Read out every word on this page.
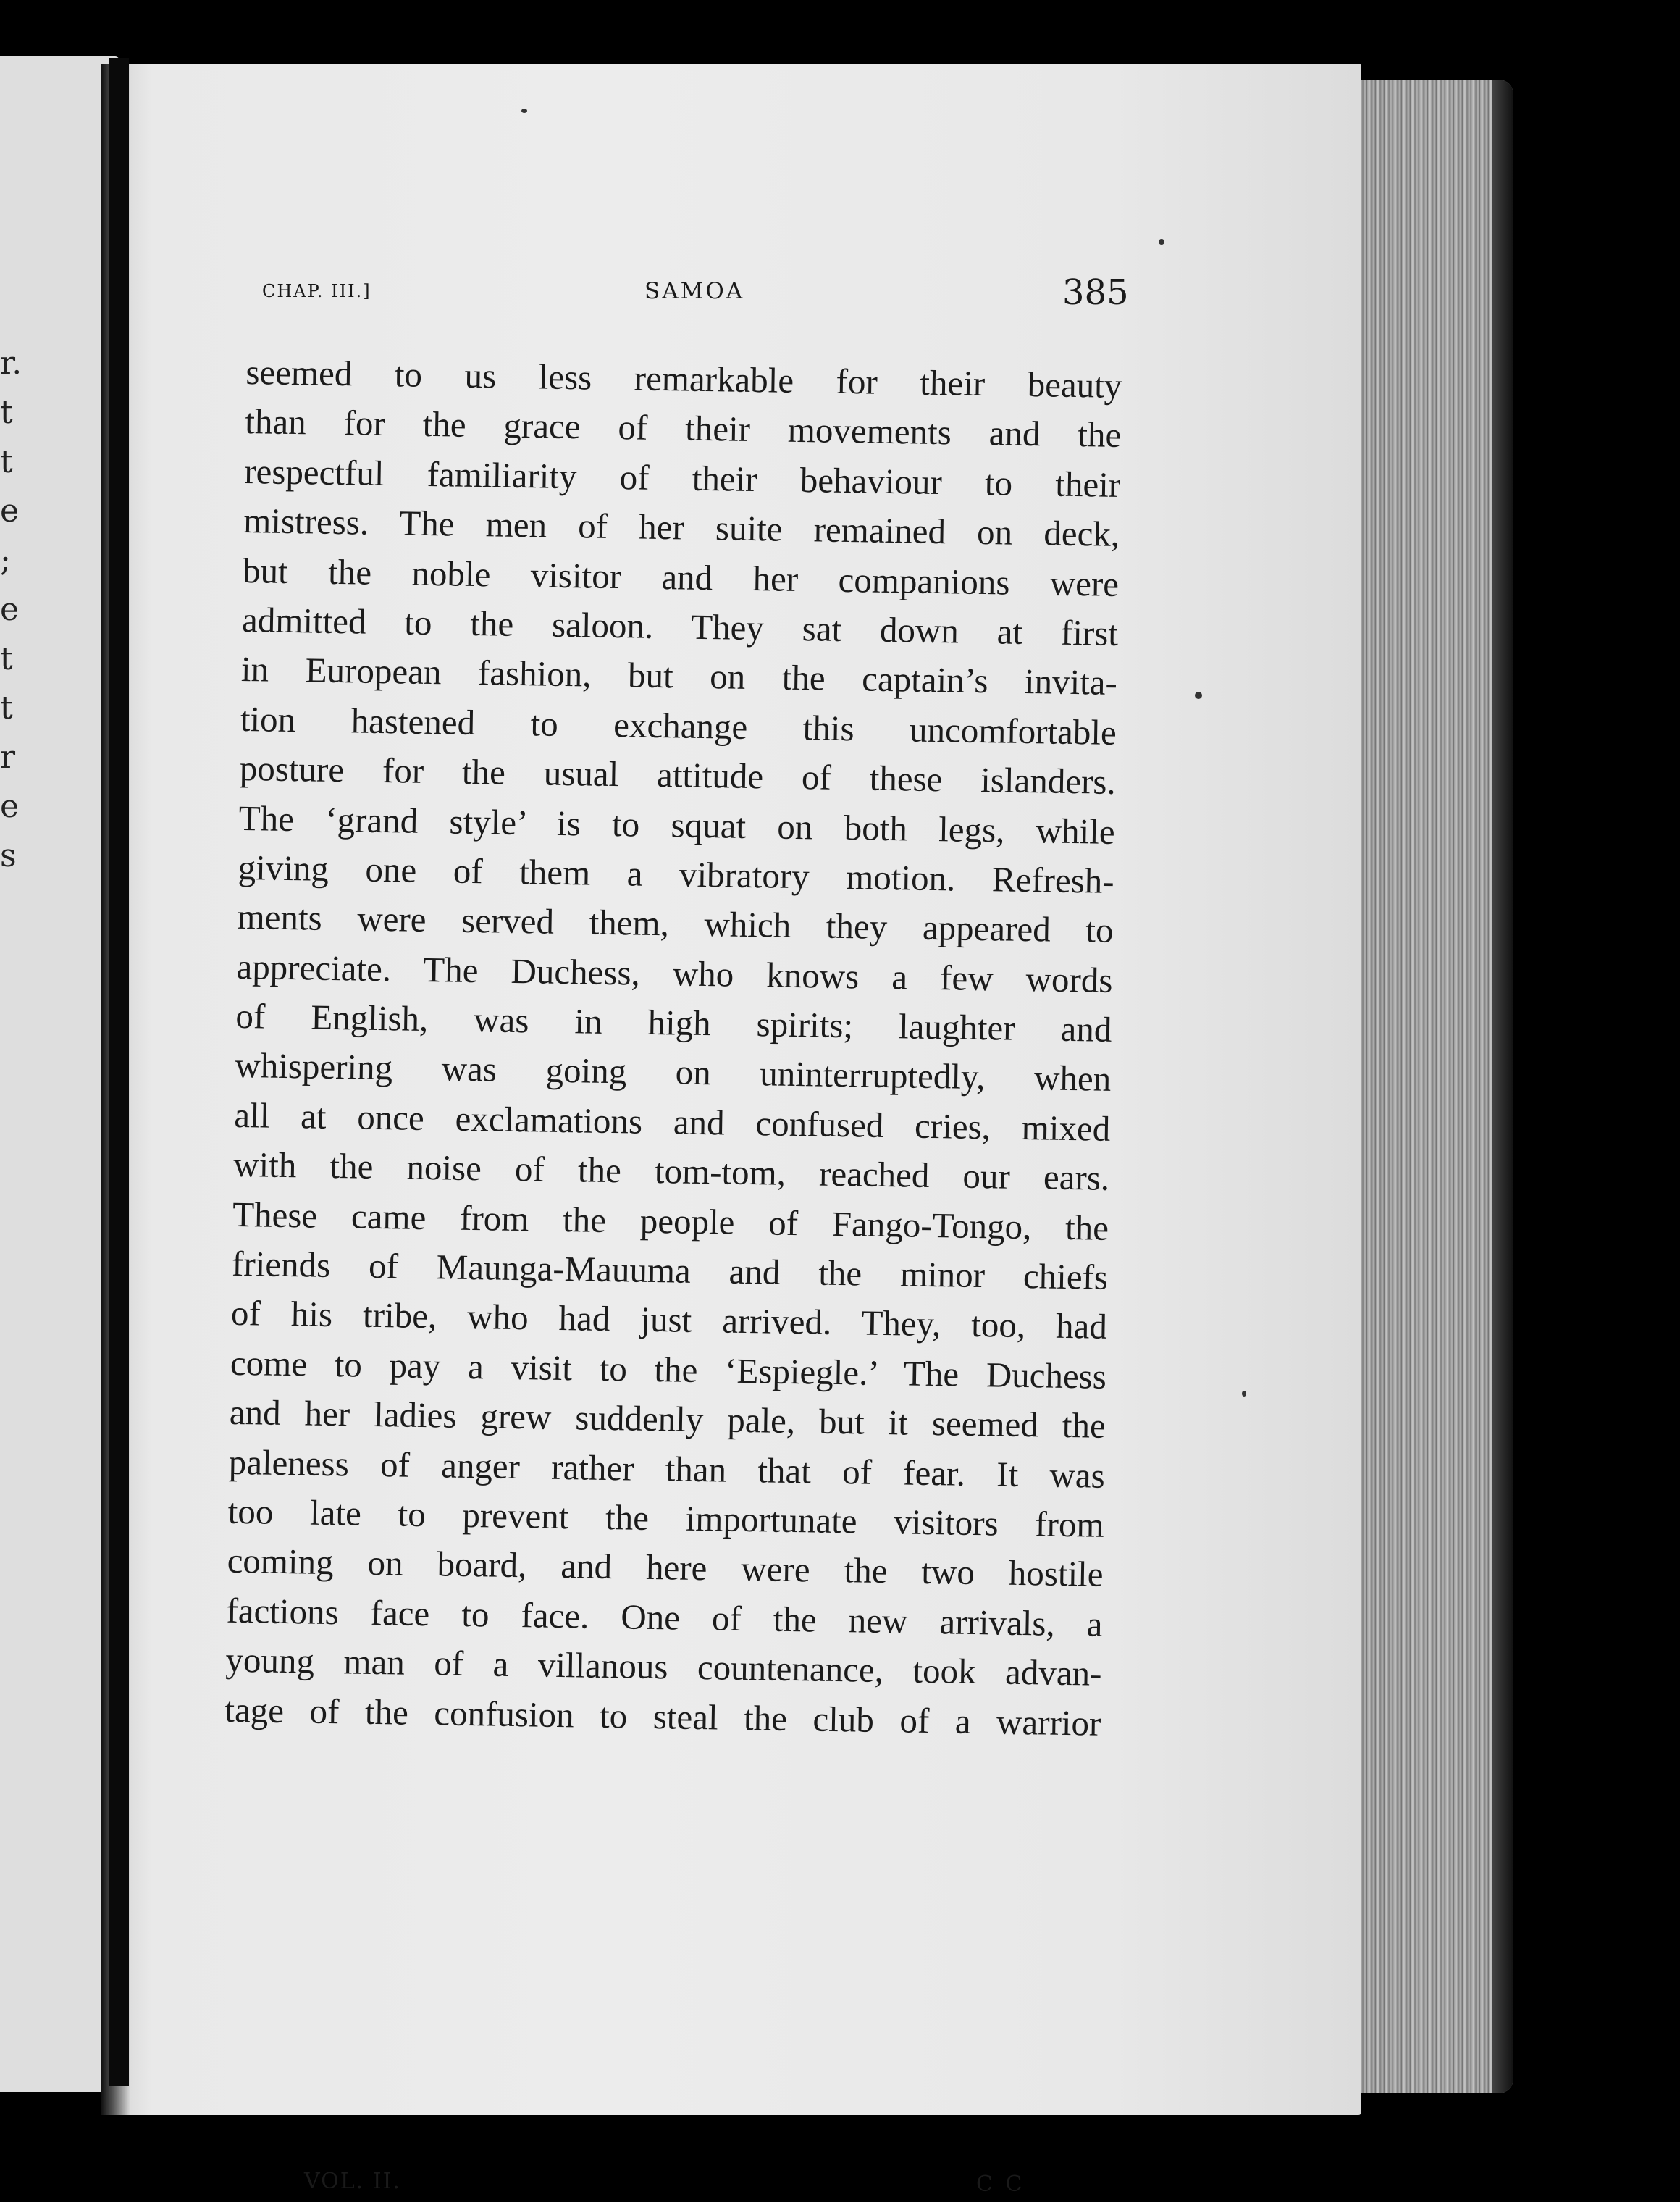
r.
t
t
e
;
e
t
t
r
e
s
CHAP. III.]	SAMOA	385
seemed to us less remarkable for their beauty
than for the grace of their movements and the
respectful familiarity of their behaviour to their
mistress. The men of her suite remained on deck,
but the noble visitor and her companions were
admitted to the saloon. They sat down at first
in European fashion, but on the captain’s invita-
tion hastened to exchange this uncomfortable
posture for the usual attitude of these islanders.
The ‘grand style’ is to squat on both legs, while
giving one of them a vibratory motion. Refresh-
ments were served them, which they appeared to
appreciate. The Duchess, who knows a few words
of English, was in high spirits; laughter and
whispering was going on uninterruptedly, when
all at once exclamations and confused cries, mixed
with the noise of the tom-tom, reached our ears.
These came from the people of Fango-Tongo, the
friends of Maunga-Mauuma and the minor chiefs
of his tribe, who had just arrived. They, too, had
come to pay a visit to the ‘Espiegle.’ The Duchess
and her ladies grew suddenly pale, but it seemed the
paleness of anger rather than that of fear. It was
too late to prevent the importunate visitors from
coming on board, and here were the two hostile
factions face to face. One of the new arrivals, a
young man of a villanous countenance, took advan-
tage of the confusion to steal the club of a warrior
VOL. II.	C C
